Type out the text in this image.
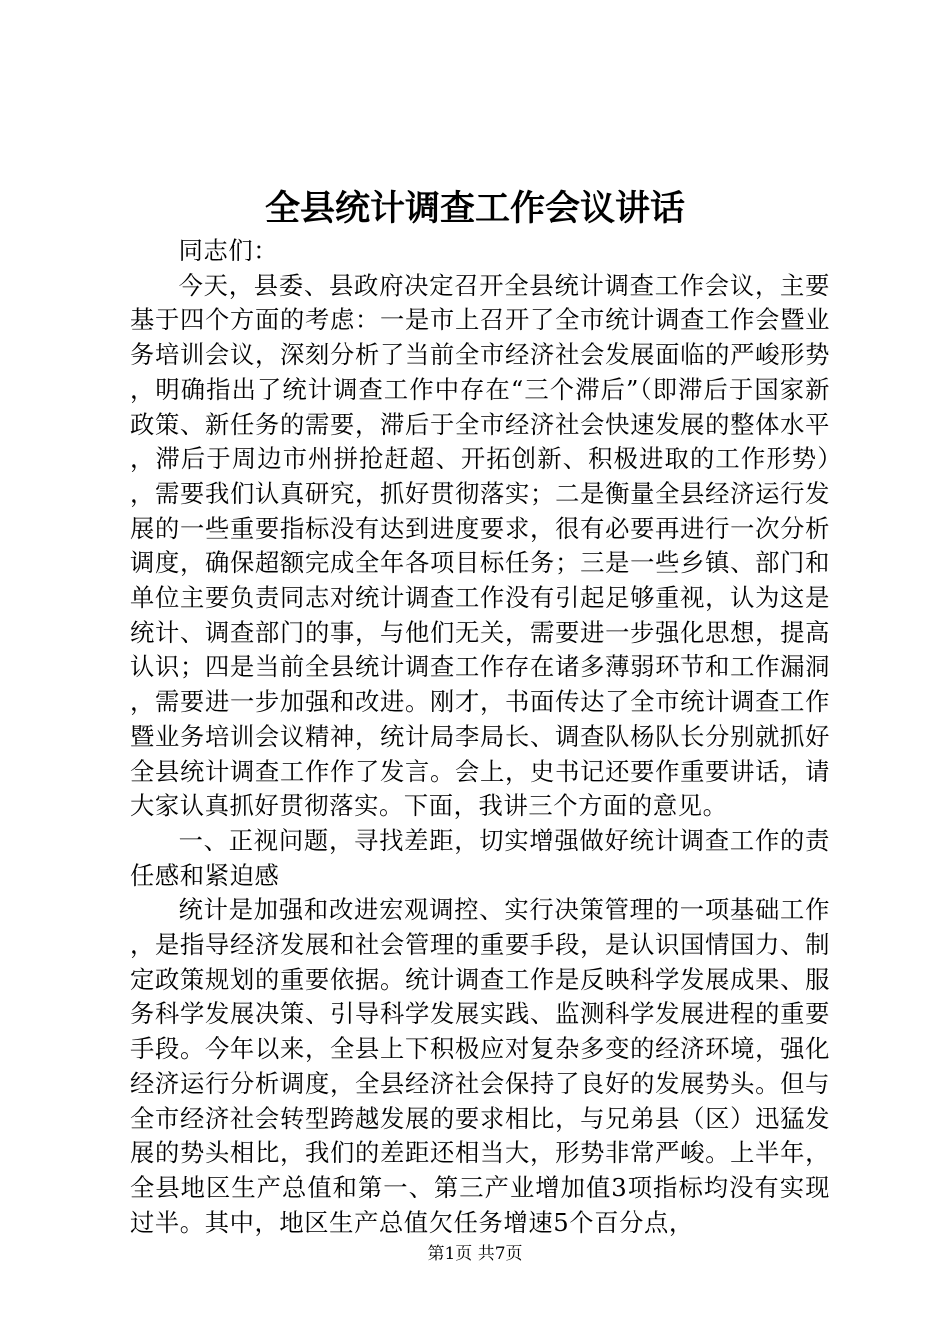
全县统计调查工作会议讲话

同志们：

今天，县委、县政府决定召开全县统计调查工作会议，主要基于四个方面的考虑：一是市上召开了全市统计调查工作会暨业务培训会议，深刻分析了当前全市经济社会发展面临的严峻形势，明确指出了统计调查工作中存在“三个滞后”（即滞后于国家新政策、新任务的需要，滞后于全市经济社会快速发展的整体水平，滞后于周边市州拼抢赶超、开拓创新、积极进取的工作形势），需要我们认真研究，抓好贯彻落实；二是衡量全县经济运行发展的一些重要指标没有达到进度要求，很有必要再进行一次分析调度，确保超额完成全年各项目标任务；三是一些乡镇、部门和单位主要负责同志对统计调查工作没有引起足够重视，认为这是统计、调查部门的事，与他们无关，需要进一步强化思想，提高认识；四是当前全县统计调查工作存在诸多薄弱环节和工作漏洞，需要进一步加强和改进。刚才，书面传达了全市统计调查工作暨业务培训会议精神，统计局李局长、调查队杨队长分别就抓好全县统计调查工作作了发言。会上，史书记还要作重要讲话，请大家认真抓好贯彻落实。下面，我讲三个方面的意见。

一、正视问题，寻找差距，切实增强做好统计调查工作的责任感和紧迫感

统计是加强和改进宏观调控、实行决策管理的一项基础工作，是指导经济发展和社会管理的重要手段，是认识国情国力、制定政策规划的重要依据。统计调查工作是反映科学发展成果、服务科学发展决策、引导科学发展实践、监测科学发展进程的重要手段。今年以来，全县上下积极应对复杂多变的经济环境，强化经济运行分析调度，全县经济社会保持了良好的发展势头。但与全市经济社会转型跨越发展的要求相比，与兄弟县（区）迅猛发展的势头相比，我们的差距还相当大，形势非常严峻。上半年，全县地区生产总值和第一、第三产业增加值3项指标均没有实现过半。其中，地区生产总值欠任务增速5个百分点，

第1页 共7页
